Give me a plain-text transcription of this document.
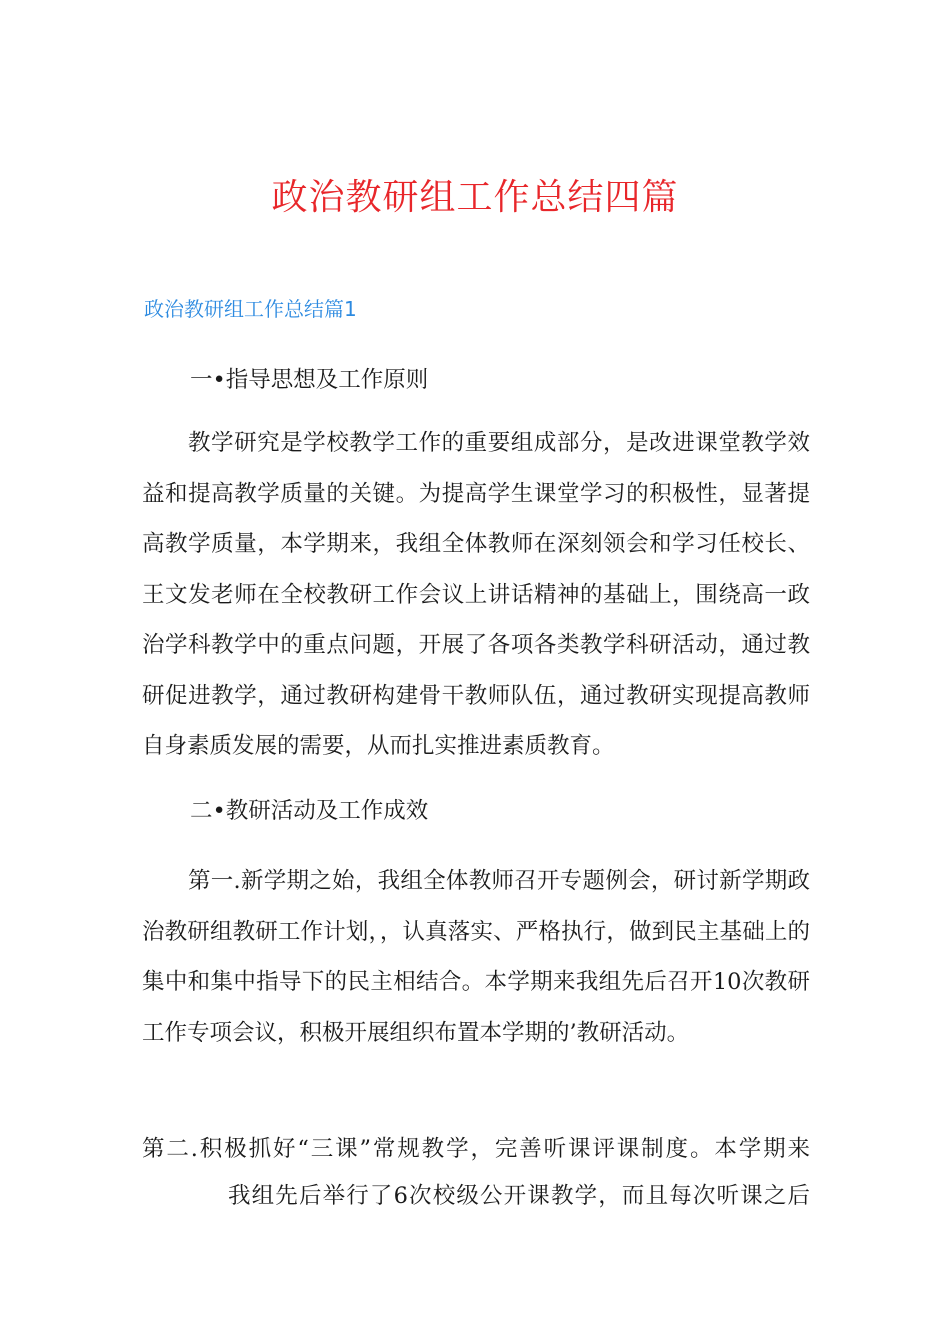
政治教研组工作总结四篇
政治教研组工作总结篇1
一•指导思想及工作原则
教学研究是学校教学工作的重要组成部分，是改进课堂教学效益和提高教学质量的关键。为提高学生课堂学习的积极性，显著提高教学质量，本学期来，我组全体教师在深刻领会和学习任校长、王文发老师在全校教研工作会议上讲话精神的基础上，围绕高一政治学科教学中的重点问题，开展了各项各类教学科研活动，通过教研促进教学，通过教研构建骨干教师队伍，通过教研实现提高教师自身素质发展的需要，从而扎实推进素质教育。
二•教研活动及工作成效
第一.新学期之始，我组全体教师召开专题例会，研讨新学期政治教研组教研工作计划，，认真落实、严格执行，做到民主基础上的集中和集中指导下的民主相结合。本学期来我组先后召开10次教研工作专项会议，积极开展组织布置本学期的’教研活动。
第二.积极抓好“三课”常规教学，完善听课评课制度。本学期来
我组先后举行了6次校级公开课教学，而且每次听课之后
